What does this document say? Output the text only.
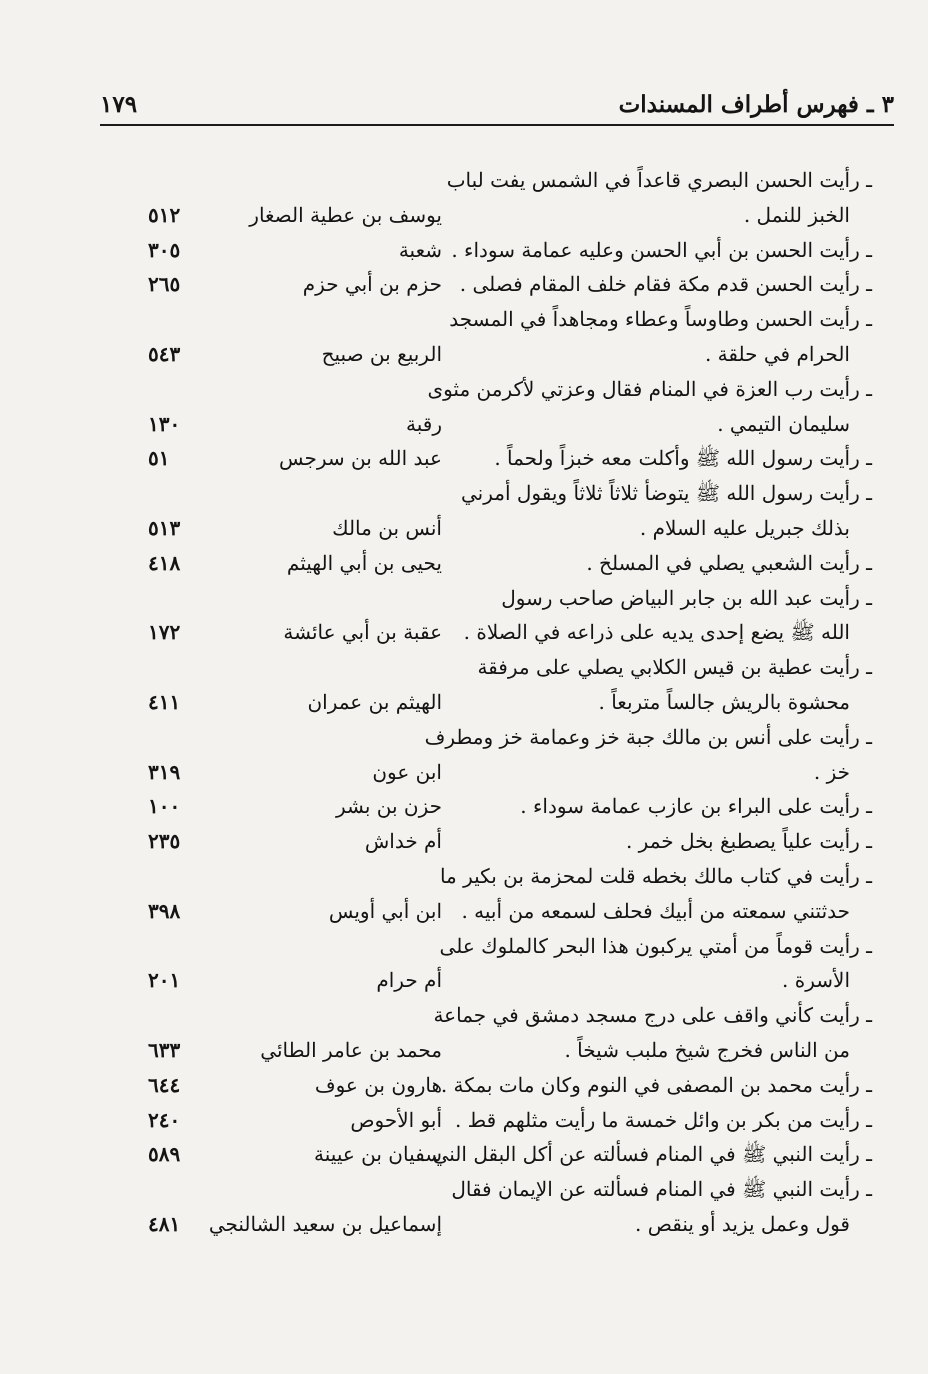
٣ ـ فهرس أطراف المسندات
١٧٩
ـ رأيت الحسن البصري قاعداً في الشمس يفت لباب
الخبز للنمل .
يوسف بن عطية الصغار
٥١٢
ـ رأيت الحسن بن أبي الحسن وعليه عمامة سوداء .
شعبة
٣٠٥
ـ رأيت الحسن قدم مكة فقام خلف المقام فصلى .
حزم بن أبي حزم
٢٦٥
ـ رأيت الحسن وطاوساً وعطاء ومجاهداً في المسجد
الحرام في حلقة .
الربيع بن صبيح
٥٤٣
ـ رأيت رب العزة في المنام فقال وعزتي لأكرمن مثوى
سليمان التيمي .
رقبة
١٣٠
ـ رأيت رسول الله ﷺ وأكلت معه خبزاً ولحماً .
عبد الله بن سرجس
٥١
ـ رأيت رسول الله ﷺ يتوضأ ثلاثاً ثلاثاً ويقول أمرني
بذلك جبريل عليه السلام .
أنس بن مالك
٥١٣
ـ رأيت الشعبي يصلي في المسلخ .
يحيى بن أبي الهيثم
٤١٨
ـ رأيت عبد الله بن جابر البياض صاحب رسول
الله ﷺ يضع إحدى يديه على ذراعه في الصلاة .
عقبة بن أبي عائشة
١٧٢
ـ رأيت عطية بن قيس الكلابي يصلي على مرفقة
محشوة بالريش جالساً متربعاً .
الهيثم بن عمران
٤١١
ـ رأيت على أنس بن مالك جبة خز وعمامة خز ومطرف
خز .
ابن عون
٣١٩
ـ رأيت على البراء بن عازب عمامة سوداء .
حزن بن بشر
١٠٠
ـ رأيت علياً يصطبغ بخل خمر .
أم خداش
٢٣٥
ـ رأيت في كتاب مالك بخطه قلت لمحزمة بن بكير ما
حدثتني سمعته من أبيك فحلف لسمعه من أبيه .
ابن أبي أويس
٣٩٨
ـ رأيت قوماً من أمتي يركبون هذا البحر كالملوك على
الأسرة .
أم حرام
٢٠١
ـ رأيت كأني واقف على درج مسجد دمشق في جماعة
من الناس فخرج شيخ ملبب شيخاً .
محمد بن عامر الطائي
٦٣٣
ـ رأيت محمد بن المصفى في النوم وكان مات بمكة .
هارون بن عوف
٦٤٤
ـ رأيت من بكر بن وائل خمسة ما رأيت مثلهم قط .
أبو الأحوص
٢٤٠
ـ رأيت النبي ﷺ في المنام فسألته عن أكل البقل الني .
سفيان بن عيينة
٥٨٩
ـ رأيت النبي ﷺ في المنام فسألته عن الإيمان فقال
قول وعمل يزيد أو ينقص .
إسماعيل بن سعيد الشالنجي
٤٨١
